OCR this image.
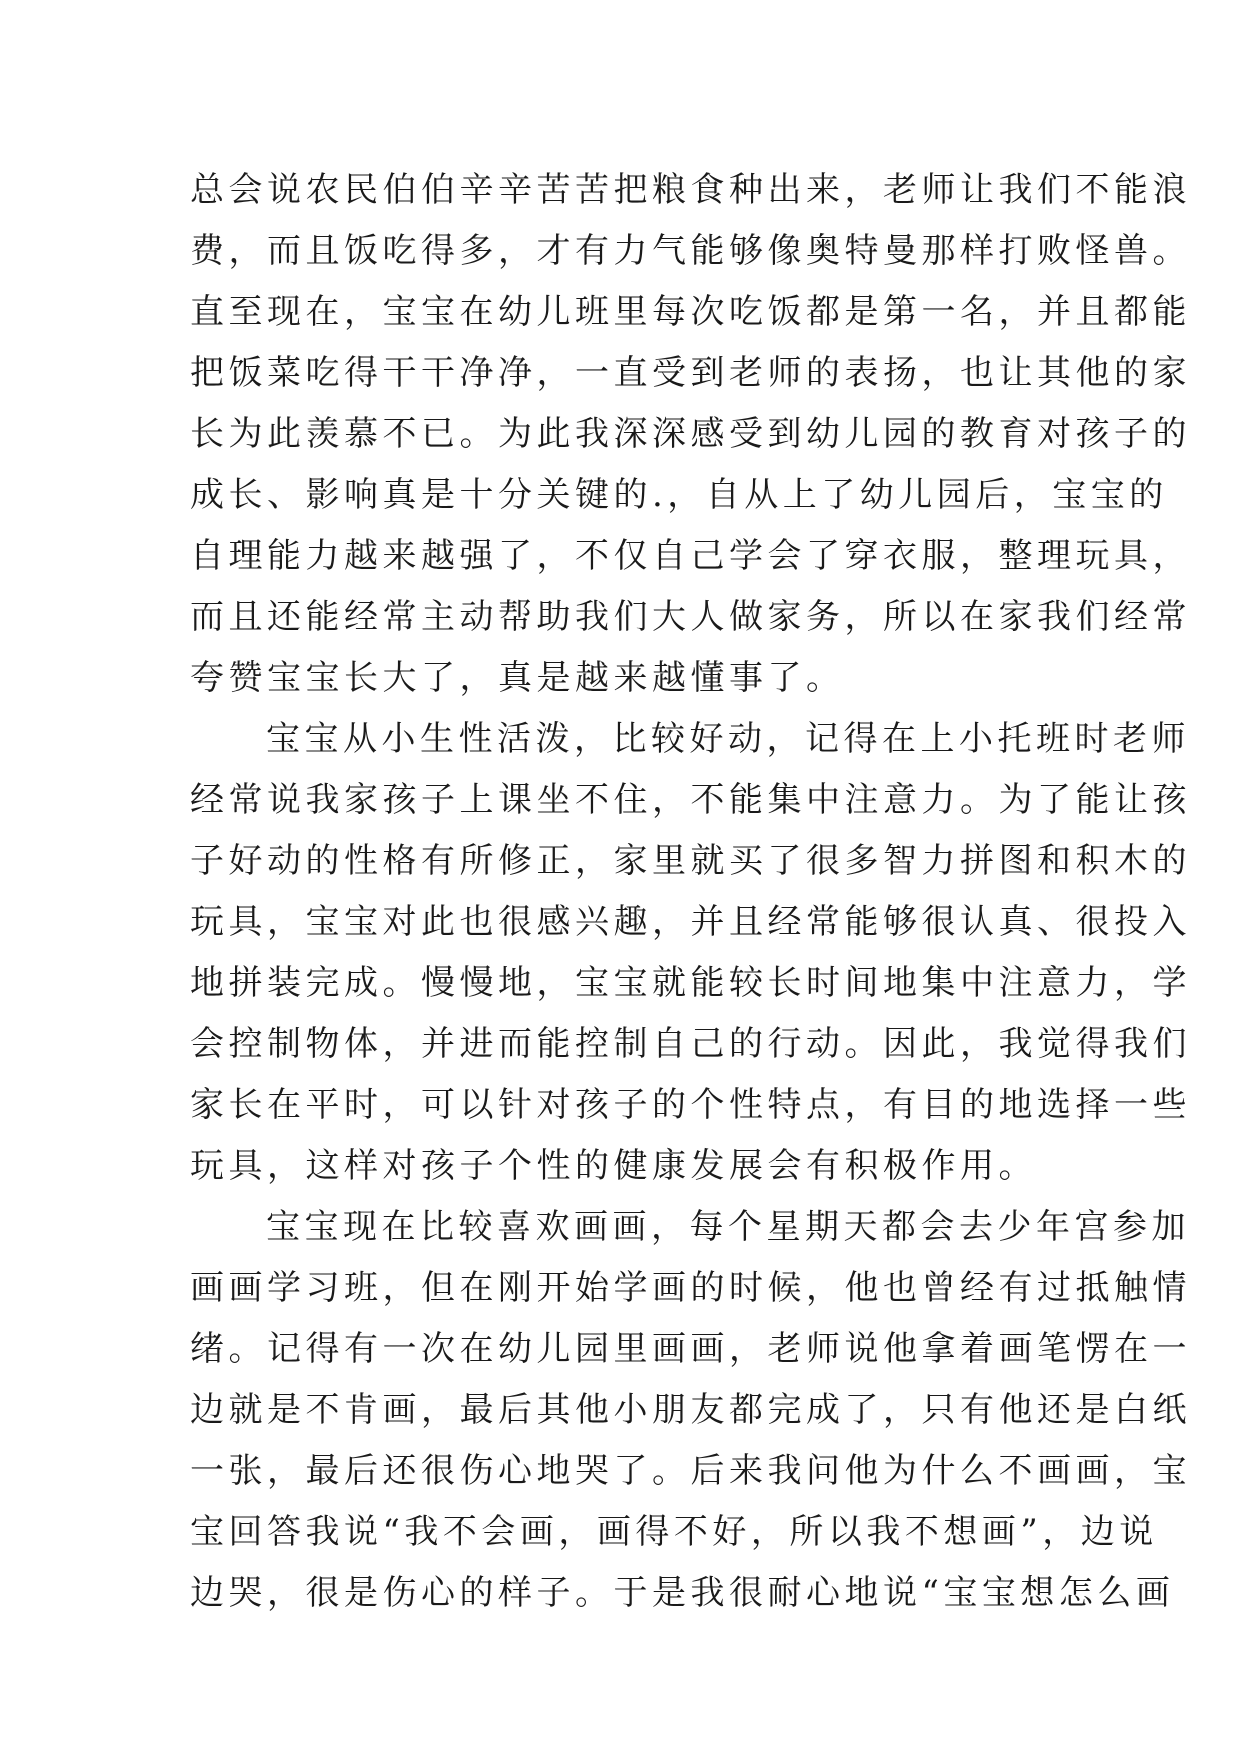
总会说农民伯伯辛辛苦苦把粮食种出来，老师让我们不能浪
费，而且饭吃得多，才有力气能够像奥特曼那样打败怪兽。
直至现在，宝宝在幼儿班里每次吃饭都是第一名，并且都能
把饭菜吃得干干净净，一直受到老师的表扬，也让其他的家
长为此羡慕不已。为此我深深感受到幼儿园的教育对孩子的
成长、影响真是十分关键的.，自从上了幼儿园后，宝宝的
自理能力越来越强了，不仅自己学会了穿衣服，整理玩具，
而且还能经常主动帮助我们大人做家务，所以在家我们经常
夸赞宝宝长大了，真是越来越懂事了。
宝宝从小生性活泼，比较好动，记得在上小托班时老师
经常说我家孩子上课坐不住，不能集中注意力。为了能让孩
子好动的性格有所修正，家里就买了很多智力拼图和积木的
玩具，宝宝对此也很感兴趣，并且经常能够很认真、很投入
地拼装完成。慢慢地，宝宝就能较长时间地集中注意力，学
会控制物体，并进而能控制自己的行动。因此，我觉得我们
家长在平时，可以针对孩子的个性特点，有目的地选择一些
玩具，这样对孩子个性的健康发展会有积极作用。
宝宝现在比较喜欢画画，每个星期天都会去少年宫参加
画画学习班，但在刚开始学画的时候，他也曾经有过抵触情
绪。记得有一次在幼儿园里画画，老师说他拿着画笔愣在一
边就是不肯画，最后其他小朋友都完成了，只有他还是白纸
一张，最后还很伤心地哭了。后来我问他为什么不画画，宝
宝回答我说“我不会画，画得不好，所以我不想画”，边说
边哭，很是伤心的样子。于是我很耐心地说“宝宝想怎么画
